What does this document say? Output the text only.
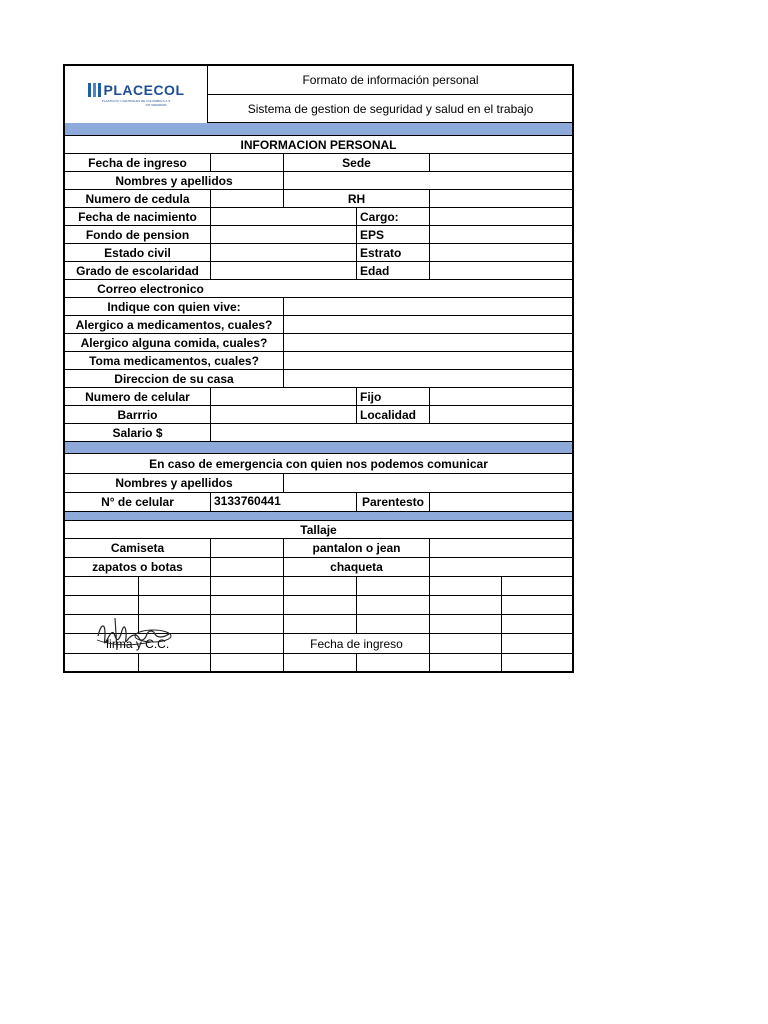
Formato de información personal
Sistema de gestion de seguridad y salud en el trabajo
PLACECOL
PLASTICOS Y CENTRALES DE COLOMBIA S.A.S
NIT 900000000
INFORMACION PERSONAL
Fecha de ingreso	Sede
Nombres y apellidos
Numero de cedula	RH
Fecha de nacimiento	Cargo:
Fondo de pension	EPS
Estado civil	Estrato
Grado de escolaridad	Edad
Correo electronico
Indique con quien vive:
Alergico a medicamentos, cuales?
Alergico alguna comida, cuales?
Toma medicamentos, cuales?
Direccion de su casa
Numero de celular	Fijo
Barrrio	Localidad
Salario $
En caso de emergencia con quien nos podemos comunicar
Nombres y apellidos
N° de celular	3133760441	Parentesto
Tallaje
Camiseta	pantalon o jean
zapatos o botas	chaqueta
firma y C.C.	Fecha de ingreso
